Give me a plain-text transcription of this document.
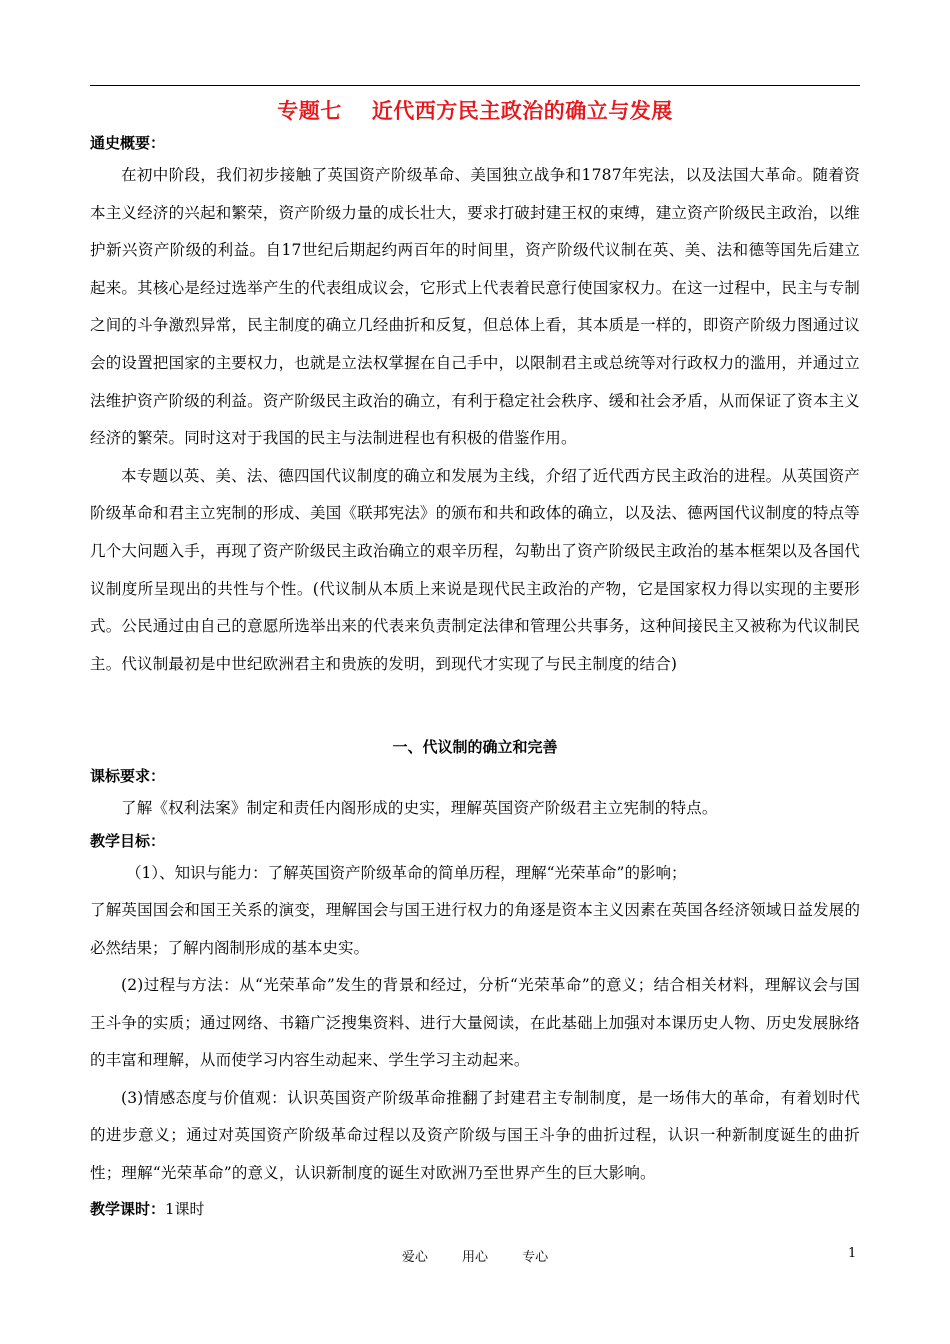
专题七 近代西方民主政治的确立与发展

通史概要：

在初中阶段，我们初步接触了英国资产阶级革命、美国独立战争和1787年宪法，以及法国大革命。随着资本主义经济的兴起和繁荣，资产阶级力量的成长壮大，要求打破封建王权的束缚，建立资产阶级民主政治，以维护新兴资产阶级的利益。自17世纪后期起约两百年的时间里，资产阶级代议制在英、美、法和德等国先后建立起来。其核心是经过选举产生的代表组成议会，它形式上代表着民意行使国家权力。在这一过程中，民主与专制之间的斗争激烈异常，民主制度的确立几经曲折和反复，但总体上看，其本质是一样的，即资产阶级力图通过议会的设置把国家的主要权力，也就是立法权掌握在自己手中，以限制君主或总统等对行政权力的滥用，并通过立法维护资产阶级的利益。资产阶级民主政治的确立，有利于稳定社会秩序、缓和社会矛盾，从而保证了资本主义经济的繁荣。同时这对于我国的民主与法制进程也有积极的借鉴作用。

本专题以英、美、法、德四国代议制度的确立和发展为主线，介绍了近代西方民主政治的进程。从英国资产阶级革命和君主立宪制的形成、美国《联邦宪法》的颁布和共和政体的确立，以及法、德两国代议制度的特点等几个大问题入手，再现了资产阶级民主政治确立的艰辛历程，勾勒出了资产阶级民主政治的基本框架以及各国代议制度所呈现出的共性与个性。(代议制从本质上来说是现代民主政治的产物，它是国家权力得以实现的主要形式。公民通过由自己的意愿所选举出来的代表来负责制定法律和管理公共事务，这种间接民主又被称为代议制民主。代议制最初是中世纪欧洲君主和贵族的发明，到现代才实现了与民主制度的结合)

一、代议制的确立和完善

课标要求：

了解《权利法案》制定和责任内阁形成的史实，理解英国资产阶级君主立宪制的特点。

教学目标：

（1）、知识与能力：了解英国资产阶级革命的简单历程，理解“光荣革命”的影响；

了解英国国会和国王关系的演变，理解国会与国王进行权力的角逐是资本主义因素在英国各经济领域日益发展的必然结果；了解内阁制形成的基本史实。

(2)过程与方法：从“光荣革命”发生的背景和经过，分析“光荣革命”的意义；结合相关材料，理解议会与国王斗争的实质；通过网络、书籍广泛搜集资料、进行大量阅读，在此基础上加强对本课历史人物、历史发展脉络的丰富和理解，从而使学习内容生动起来、学生学习主动起来。

(3)情感态度与价值观：认识英国资产阶级革命推翻了封建君主专制制度，是一场伟大的革命，有着划时代的进步意义；通过对英国资产阶级革命过程以及资产阶级与国王斗争的曲折过程，认识一种新制度诞生的曲折性；理解“光荣革命”的意义，认识新制度的诞生对欧洲乃至世界产生的巨大影响。

教学课时：1课时

爱心	用心	专心	1
